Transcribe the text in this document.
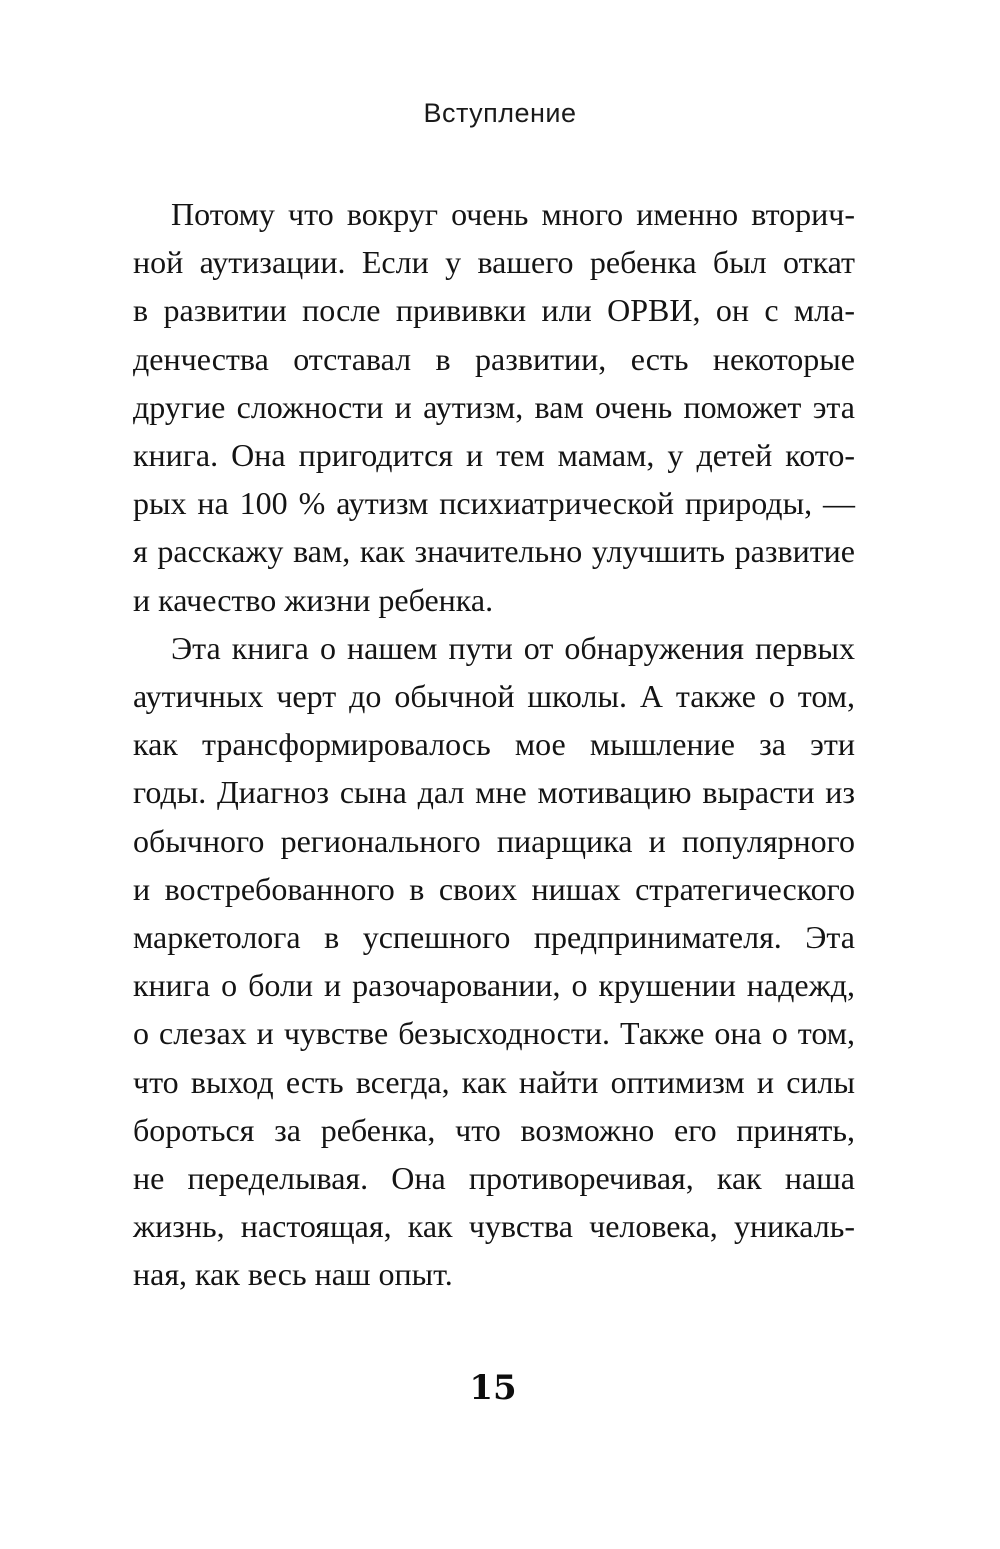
Вступление
Потому что вокруг очень много именно вторич-
ной аутизации. Если у вашего ребенка был откат
в развитии после прививки или ОРВИ, он с мла-
денчества отставал в развитии, есть некоторые
другие сложности и аутизм, вам очень поможет эта
книга. Она пригодится и тем мамам, у детей кото-
рых на 100 % аутизм психиатрической природы, —
я расскажу вам, как значительно улучшить развитие
и качество жизни ребенка.
Эта книга о нашем пути от обнаружения первых
аутичных черт до обычной школы. А также о том,
как трансформировалось мое мышление за эти
годы. Диагноз сына дал мне мотивацию вырасти из
обычного регионального пиарщика и популярного
и востребованного в своих нишах стратегического
маркетолога в успешного предпринимателя. Эта
книга о боли и разочаровании, о крушении надежд,
о слезах и чувстве безысходности. Также она о том,
что выход есть всегда, как найти оптимизм и силы
бороться за ребенка, что возможно его принять,
не переделывая. Она противоречивая, как наша
жизнь, настоящая, как чувства человека, уникаль-
ная, как весь наш опыт.
15
